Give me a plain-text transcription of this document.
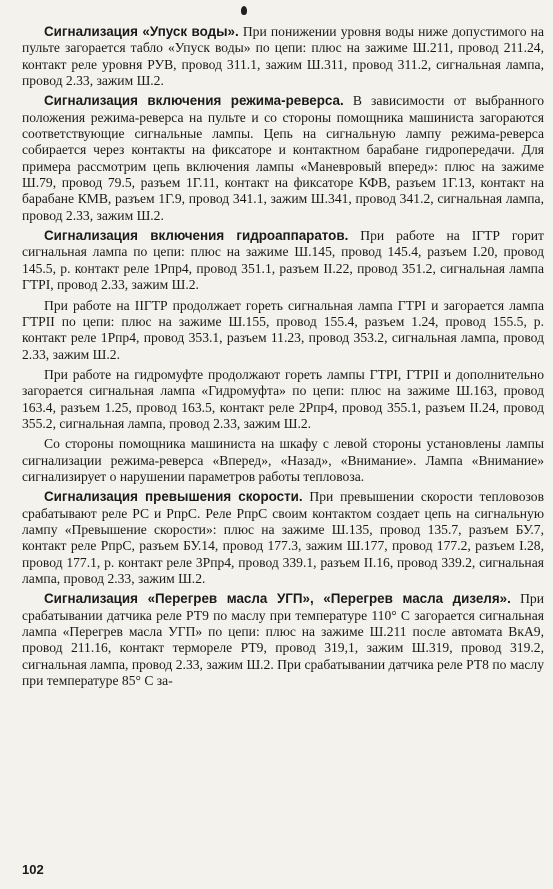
Сигнализация «Упуск воды». При понижении уровня воды ниже допустимого на пульте загорается табло «Упуск воды» по цепи: плюс на зажиме Ш.211, провод 211.24, контакт реле уровня РУВ, провод 311.1, зажим Ш.311, провод 311.2, сигнальная лампа, провод 2.33, зажим Ш.2.

Сигнализация включения режима-реверса. В зависимости от выбранного положения режима-реверса на пульте и со стороны помощника машиниста загораются соответствующие сигнальные лампы. Цепь на сигнальную лампу режима-реверса собирается через контакты на фиксаторе и контактном барабане гидропередачи. Для примера рассмотрим цепь включения лампы «Маневровый вперед»: плюс на зажиме Ш.79, провод 79.5, разъем 1Г.11, контакт на фиксаторе КФВ, разъем 1Г.13, контакт на барабане КМВ, разъем 1Г.9, провод 341.1, зажим Ш.341, провод 341.2, сигнальная лампа, провод 2.33, зажим Ш.2.

Сигнализация включения гидроаппаратов. При работе на IГТР горит сигнальная лампа по цепи: плюс на зажиме Ш.145, провод 145.4, разъем I.20, провод 145.5, р. контакт реле 1Рпр4, провод 351.1, разъем II.22, провод 351.2, сигнальная лампа ГТРI, провод 2.33, зажим Ш.2.

При работе на IIГТР продолжает гореть сигнальная лампа ГТРI и загорается лампа ГТРII по цепи: плюс на зажиме Ш.155, провод 155.4, разъем 1.24, провод 155.5, р. контакт реле 1Рпр4, провод 353.1, разъем 11.23, провод 353.2, сигнальная лампа, провод 2.33, зажим Ш.2.

При работе на гидромуфте продолжают гореть лампы ГТРI, ГТРII и дополнительно загорается сигнальная лампа «Гидромуфта» по цепи: плюс на зажиме Ш.163, провод 163.4, разъем 1.25, провод 163.5, контакт реле 2Рпр4, провод 355.1, разъем II.24, провод 355.2, сигнальная лампа, провод 2.33, зажим Ш.2.

Со стороны помощника машиниста на шкафу с левой стороны установлены лампы сигнализации режима-реверса «Вперед», «Назад», «Внимание». Лампа «Внимание» сигнализирует о нарушении параметров работы тепловоза.

Сигнализация превышения скорости. При превышении скорости тепловозов срабатывают реле РС и РпрС. Реле РпрС своим контактом создает цепь на сигнальную лампу «Превышение скорости»: плюс на зажиме Ш.135, провод 135.7, разъем БУ.7, контакт реле РпрС, разъем БУ.14, провод 177.3, зажим Ш.177, провод 177.2, разъем I.28, провод 177.1, р. контакт реле 3Рпр4, провод 339.1, разъем II.16, провод 339.2, сигнальная лампа, провод 2.33, зажим Ш.2.

Сигнализация «Перегрев масла УГП», «Перегрев масла дизеля». При срабатывании датчика реле РТ9 по маслу при температуре 110° С загорается сигнальная лампа «Перегрев масла УГП» по цепи: плюс на зажиме Ш.211 после автомата ВкА9, провод 211.16, контакт термореле РТ9, провод 319,1, зажим Ш.319, провод 319.2, сигнальная лампа, провод 2.33, зажим Ш.2. При срабатывании датчика реле РТ8 по маслу при температуре 85° С за-

102
